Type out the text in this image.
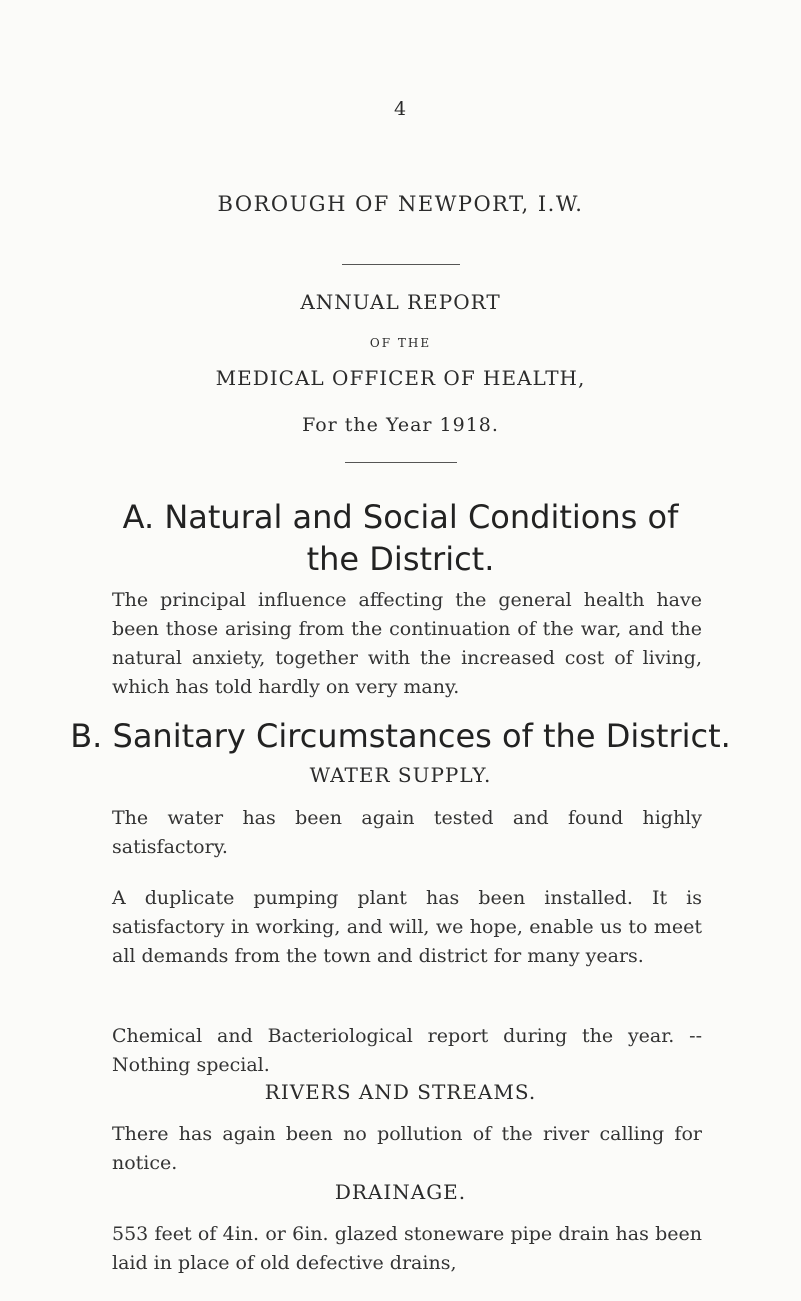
4
BOROUGH OF NEWPORT, I.W.
ANNUAL REPORT
OF THE
MEDICAL OFFICER OF HEALTH,
For the Year 1918.
A. Natural and Social Conditions of
the District.
The principal influence affecting the general health have been those arising from the continuation of the war, and the natural anxiety, together with the increased cost of living, which has told hardly on very many.
B. Sanitary Circumstances of the District.
WATER SUPPLY.
The water has been again tested and found highly satisfactory.
A duplicate pumping plant has been installed. It is satisfactory in working, and will, we hope, enable us to meet all demands from the town and district for many years.
Chemical and Bacteriological report during the year. -- Nothing special.
RIVERS AND STREAMS.
There has again been no pollution of the river calling for notice.
DRAINAGE.
553 feet of 4in. or 6in. glazed stoneware pipe drain has been laid in place of old defective drains,
